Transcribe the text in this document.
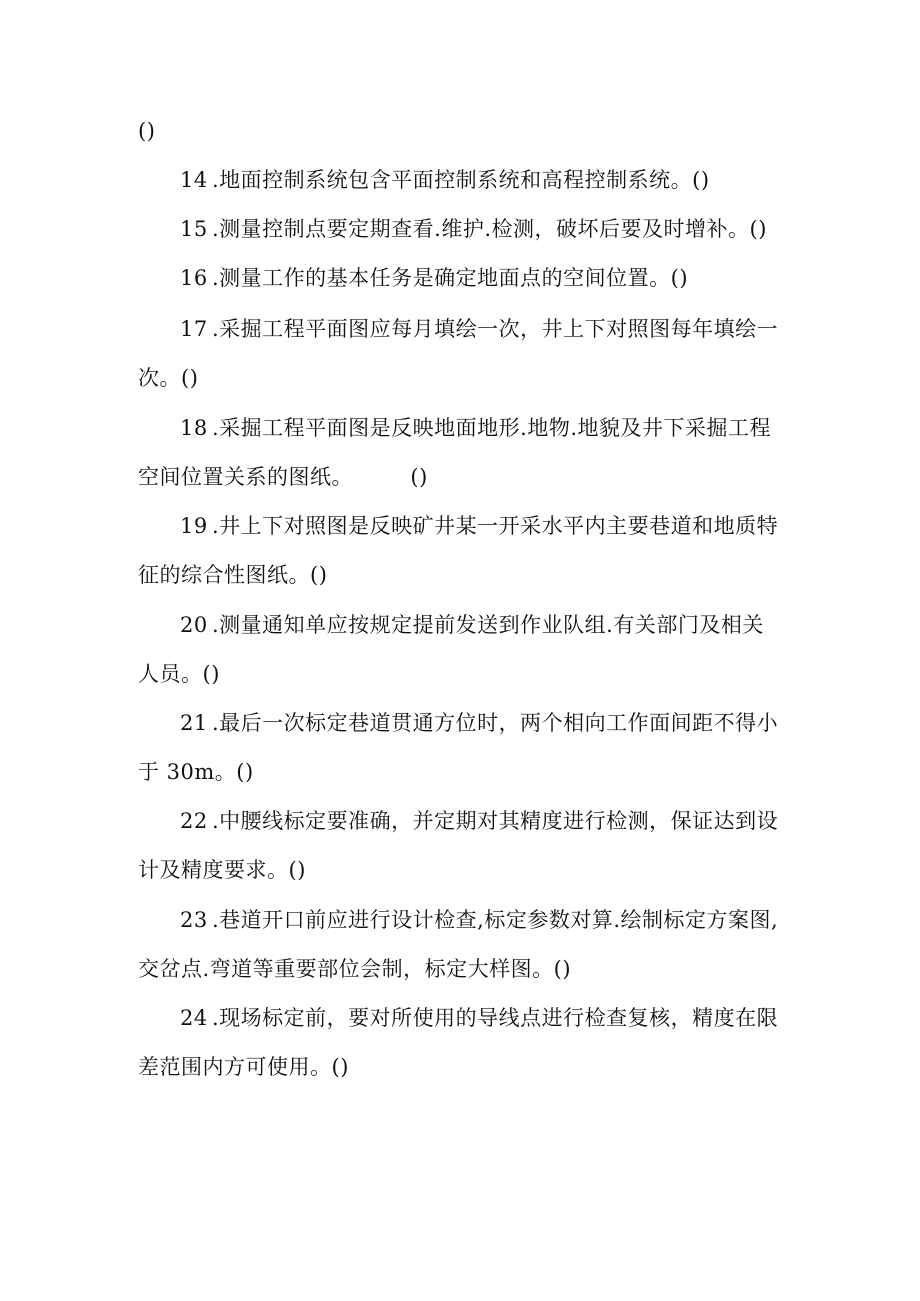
()
14 .地面控制系统包含平面控制系统和高程控制系统。()
15 .测量控制点要定期查看.维护.检测，破坏后要及时增补。()
16 .测量工作的基本任务是确定地面点的空间位置。()
17 .采掘工程平面图应每月填绘一次，井上下对照图每年填绘一
次。()
18 .采掘工程平面图是反映地面地形.地物.地貌及井下采掘工程
空间位置关系的图纸。        ()
19 .井上下对照图是反映矿井某一开采水平内主要巷道和地质特
征的综合性图纸。()
20 .测量通知单应按规定提前发送到作业队组.有关部门及相关
人员。()
21 .最后一次标定巷道贯通方位时，两个相向工作面间距不得小
于 30m。()
22 .中腰线标定要准确，并定期对其精度进行检测，保证达到设
计及精度要求。()
23 .巷道开口前应进行设计检查,标定参数对算.绘制标定方案图,
交岔点.弯道等重要部位会制，标定大样图。()
24 .现场标定前，要对所使用的导线点进行检查复核，精度在限
差范围内方可使用。()
